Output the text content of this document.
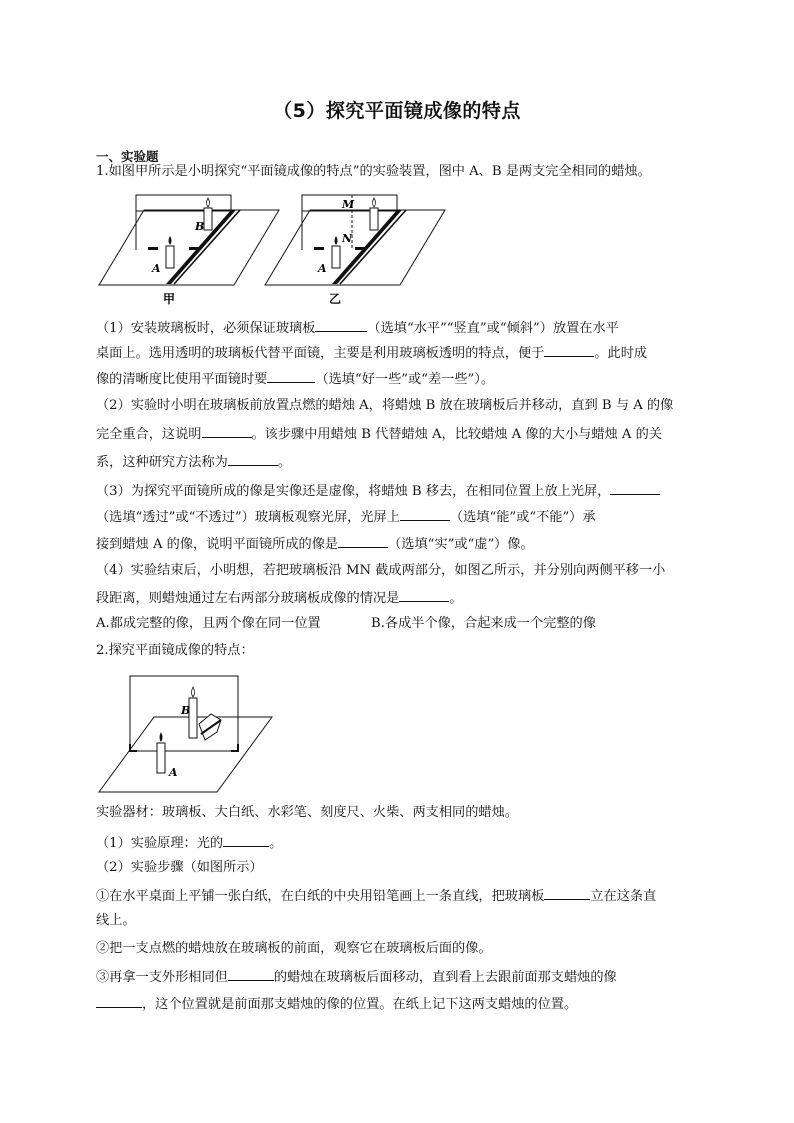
（5）探究平面镜成像的特点
一、实验题
1.如图甲所示是小明探究“平面镜成像的特点”的实验装置，图中 A、B 是两支完全相同的蜡烛。
B
A
甲
M
N
A
乙
（1）安装玻璃板时，必须保证玻璃板	（选填“水平”“竖直”或“倾斜”）放置在水平
桌面上。选用透明的玻璃板代替平面镜，主要是利用玻璃板透明的特点，便于	。此时成
像的清晰度比使用平面镜时要	（选填“好一些”或“差一些”）。
（2）实验时小明在玻璃板前放置点燃的蜡烛 A，将蜡烛 B 放在玻璃板后并移动，直到 B 与 A 的像
完全重合，这说明	。该步骤中用蜡烛 B 代替蜡烛 A，比较蜡烛 A 像的大小与蜡烛 A 的关
系，这种研究方法称为	。
（3）为探究平面镜所成的像是实像还是虚像，将蜡烛 B 移去，在相同位置上放上光屏，
（选填“透过”或“不透过”）玻璃板观察光屏，光屏上	（选填“能”或“不能”）承
接到蜡烛 A 的像，说明平面镜所成的像是	（选填“实”或“虚”）像。
（4）实验结束后，小明想，若把玻璃板沿 MN 截成两部分，如图乙所示，并分别向两侧平移一小
段距离，则蜡烛通过左右两部分玻璃板成像的情况是	。
A.都成完整的像，且两个像在同一位置	B.各成半个像，合起来成一个完整的像
2.探究平面镜成像的特点：
B
A
实验器材：玻璃板、大白纸、水彩笔、刻度尺、火柴、两支相同的蜡烛。
（1）实验原理：光的	。
（2）实验步骤（如图所示）
①在水平桌面上平铺一张白纸，在白纸的中央用铅笔画上一条直线，把玻璃板	立在这条直
线上。
②把一支点燃的蜡烛放在玻璃板的前面，观察它在玻璃板后面的像。
③再拿一支外形相同但	的蜡烛在玻璃板后面移动，直到看上去跟前面那支蜡烛的像
，这个位置就是前面那支蜡烛的像的位置。在纸上记下这两支蜡烛的位置。
